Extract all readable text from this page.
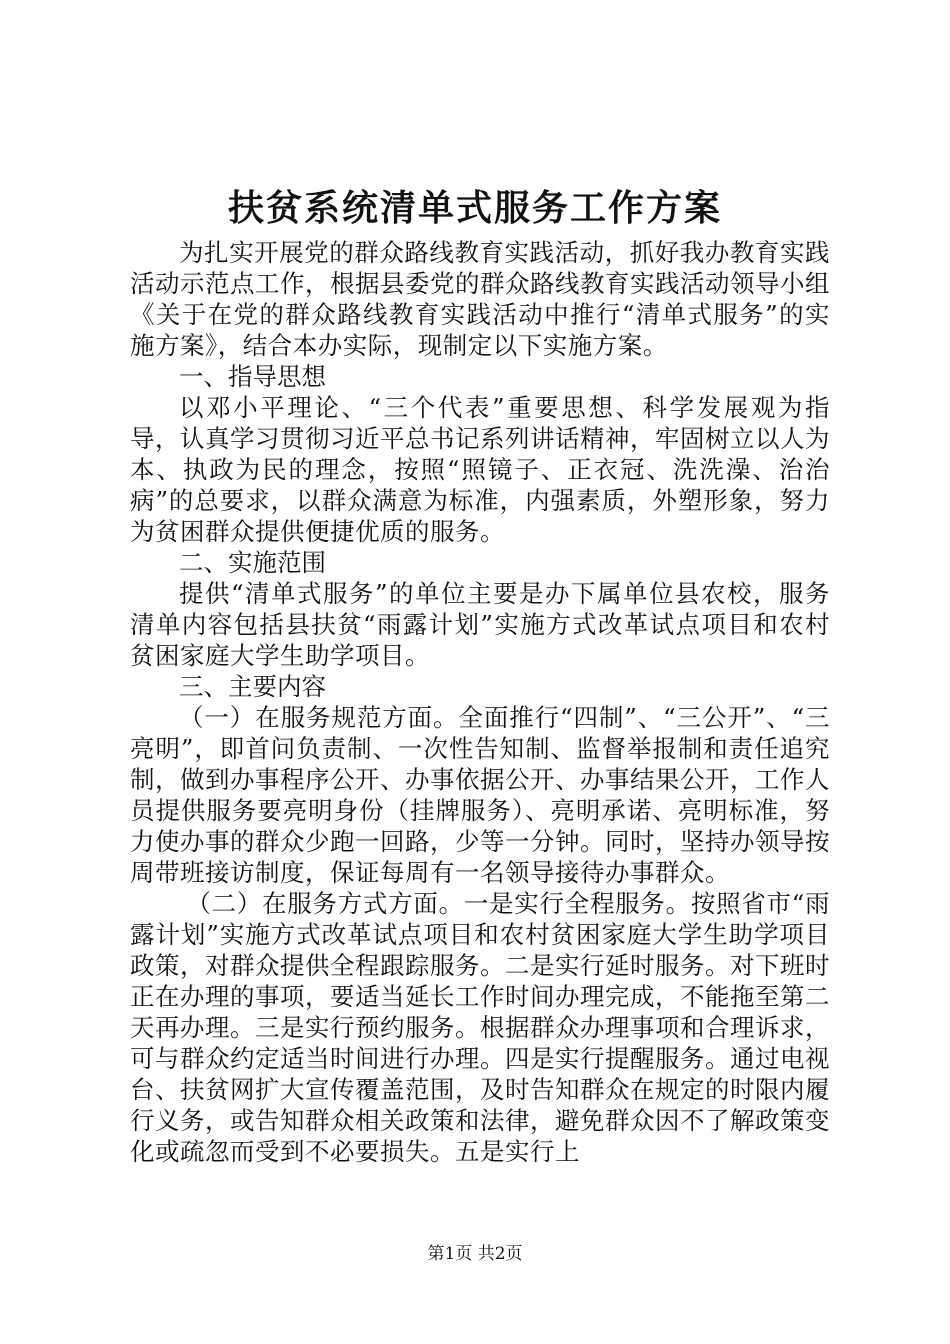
扶贫系统清单式服务工作方案

为扎实开展党的群众路线教育实践活动，抓好我办教育实践活动示范点工作，根据县委党的群众路线教育实践活动领导小组《关于在党的群众路线教育实践活动中推行“清单式服务”的实施方案》，结合本办实际，现制定以下实施方案。

一、指导思想

以邓小平理论、“三个代表”重要思想、科学发展观为指导，认真学习贯彻习近平总书记系列讲话精神，牢固树立以人为本、执政为民的理念，按照“照镜子、正衣冠、洗洗澡、治治病”的总要求，以群众满意为标准，内强素质，外塑形象，努力为贫困群众提供便捷优质的服务。

二、实施范围

提供“清单式服务”的单位主要是办下属单位县农校，服务清单内容包括县扶贫“雨露计划”实施方式改革试点项目和农村贫困家庭大学生助学项目。

三、主要内容

（一）在服务规范方面。全面推行“四制”、“三公开”、“三亮明”，即首问负责制、一次性告知制、监督举报制和责任追究制，做到办事程序公开、办事依据公开、办事结果公开，工作人员提供服务要亮明身份（挂牌服务）、亮明承诺、亮明标准，努力使办事的群众少跑一回路，少等一分钟。同时，坚持办领导按周带班接访制度，保证每周有一名领导接待办事群众。

（二）在服务方式方面。一是实行全程服务。按照省市“雨露计划”实施方式改革试点项目和农村贫困家庭大学生助学项目政策，对群众提供全程跟踪服务。二是实行延时服务。对下班时正在办理的事项，要适当延长工作时间办理完成，不能拖至第二天再办理。三是实行预约服务。根据群众办理事项和合理诉求，可与群众约定适当时间进行办理。四是实行提醒服务。通过电视台、扶贫网扩大宣传覆盖范围，及时告知群众在规定的时限内履行义务，或告知群众相关政策和法律，避免群众因不了解政策变化或疏忽而受到不必要损失。五是实行上

第1页 共2页
